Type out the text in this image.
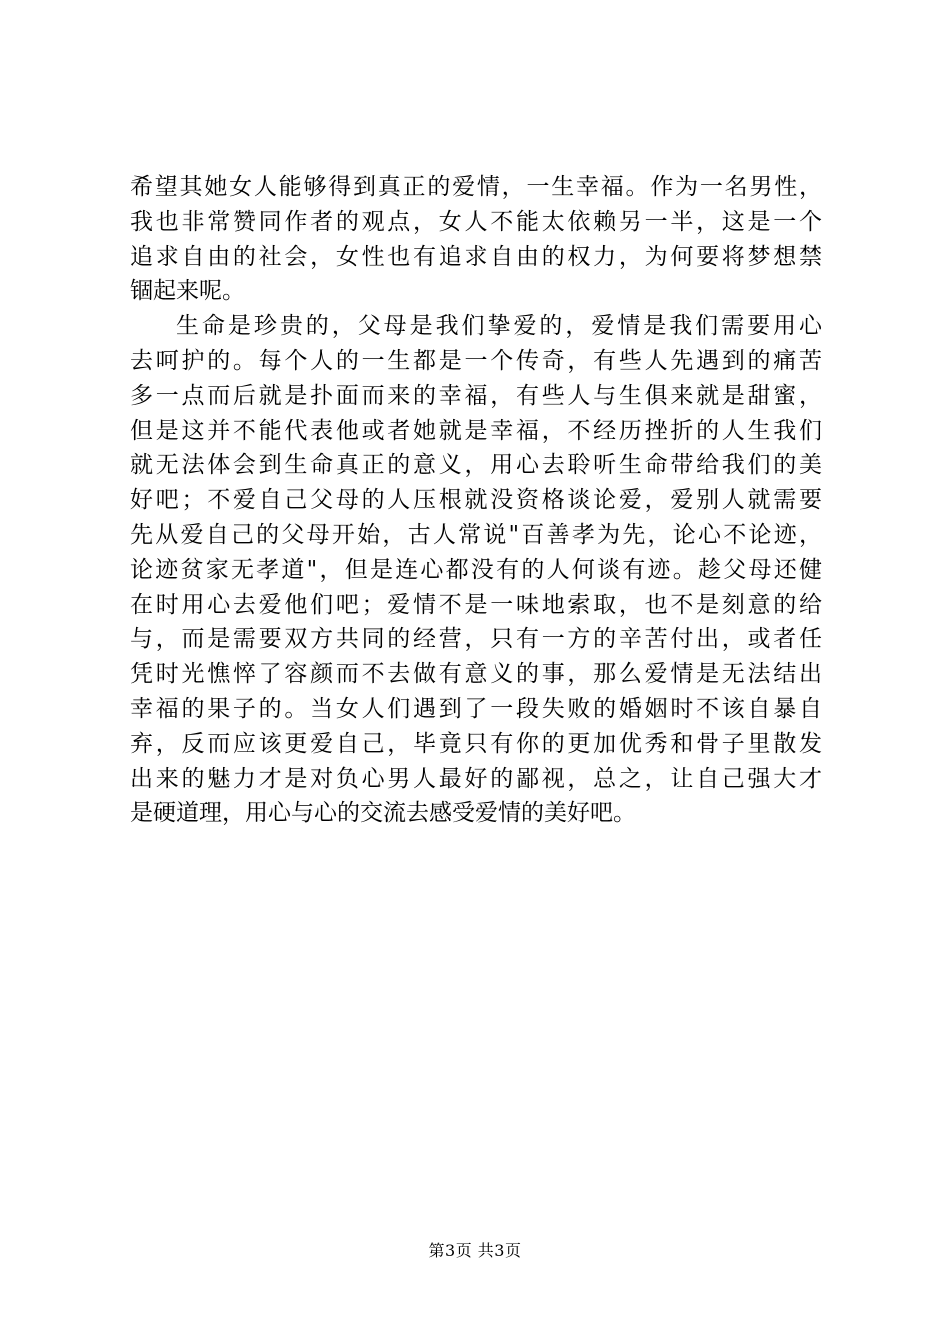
希望其她女人能够得到真正的爱情，一生幸福。作为一名男性，
我也非常赞同作者的观点，女人不能太依赖另一半，这是一个
追求自由的社会，女性也有追求自由的权力，为何要将梦想禁
锢起来呢。
生命是珍贵的，父母是我们挚爱的，爱情是我们需要用心
去呵护的。每个人的一生都是一个传奇，有些人先遇到的痛苦
多一点而后就是扑面而来的幸福，有些人与生俱来就是甜蜜，
但是这并不能代表他或者她就是幸福，不经历挫折的人生我们
就无法体会到生命真正的意义，用心去聆听生命带给我们的美
好吧；不爱自己父母的人压根就没资格谈论爱，爱别人就需要
先从爱自己的父母开始，古人常说"百善孝为先，论心不论迹，
论迹贫家无孝道"，但是连心都没有的人何谈有迹。趁父母还健
在时用心去爱他们吧；爱情不是一味地索取，也不是刻意的给
与，而是需要双方共同的经营，只有一方的辛苦付出，或者任
凭时光憔悴了容颜而不去做有意义的事，那么爱情是无法结出
幸福的果子的。当女人们遇到了一段失败的婚姻时不该自暴自
弃，反而应该更爱自己，毕竟只有你的更加优秀和骨子里散发
出来的魅力才是对负心男人最好的鄙视，总之，让自己强大才
是硬道理，用心与心的交流去感受爱情的美好吧。
第3页 共3页
